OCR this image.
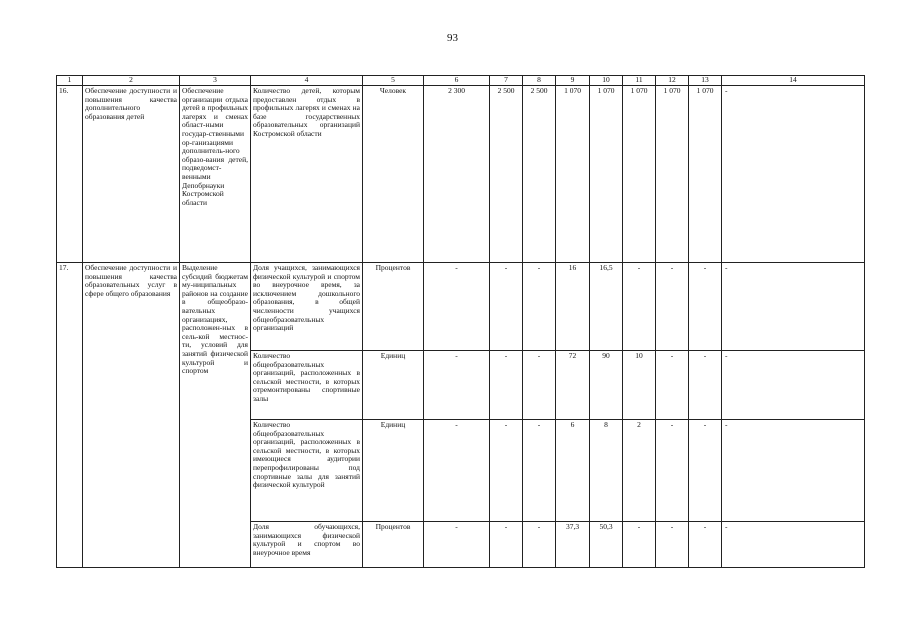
93
1	2	3	4	5	6	7	8	9	10	11	12	13	14
16.	Обеспечение доступности и повышения качества дополнительного образования детей	Обеспечение организации отдыха детей в профильных лагерях и сменах област-ными государ-ственными ор-ганизациями дополнитель-ного образо-вания детей, подведомст-венными Депобрнауки Костромской области	Количество детей, которым предоставлен отдых в профильных лагерях и сменах на базе государственных образовательных организаций Костромской области	Человек	2 300	2 500	2 500	1 070	1 070	1 070	1 070	1 070	-
17.	Обеспечение доступности и повышения качества образовательных услуг в сфере общего образования	Выделение субсидий бюджетам му-ниципальных районов на создание в общеобразо-вательных организациях, расположен-ных в сель-кой местнос-ти, условий для занятий физической культурой и спортом	Доля учащихся, занимающихся физической культурой и спортом во внеурочное время, за исключением дошкольного образования, в общей численности учащихся общеобразовательных организаций	Процентов	-	-	-	16	16,5	-	-	-	-
			Количество общеобразовательных организаций, расположенных в сельской местности, в которых отремонтированы спортивные залы	Единиц	-	-	-	72	90	10	-	-	-
			Количество общеобразовательных организаций, расположенных в сельской местности, в которых имеющиеся аудитории перепрофилированы под спортивные залы для занятий физической культурой	Единиц	-	-	-	6	8	2	-	-	-
			Доля обучающихся, занимающихся физической культурой и спортом во внеурочное время	Процентов	-	-	-	37,3	50,3	-	-	-	-
